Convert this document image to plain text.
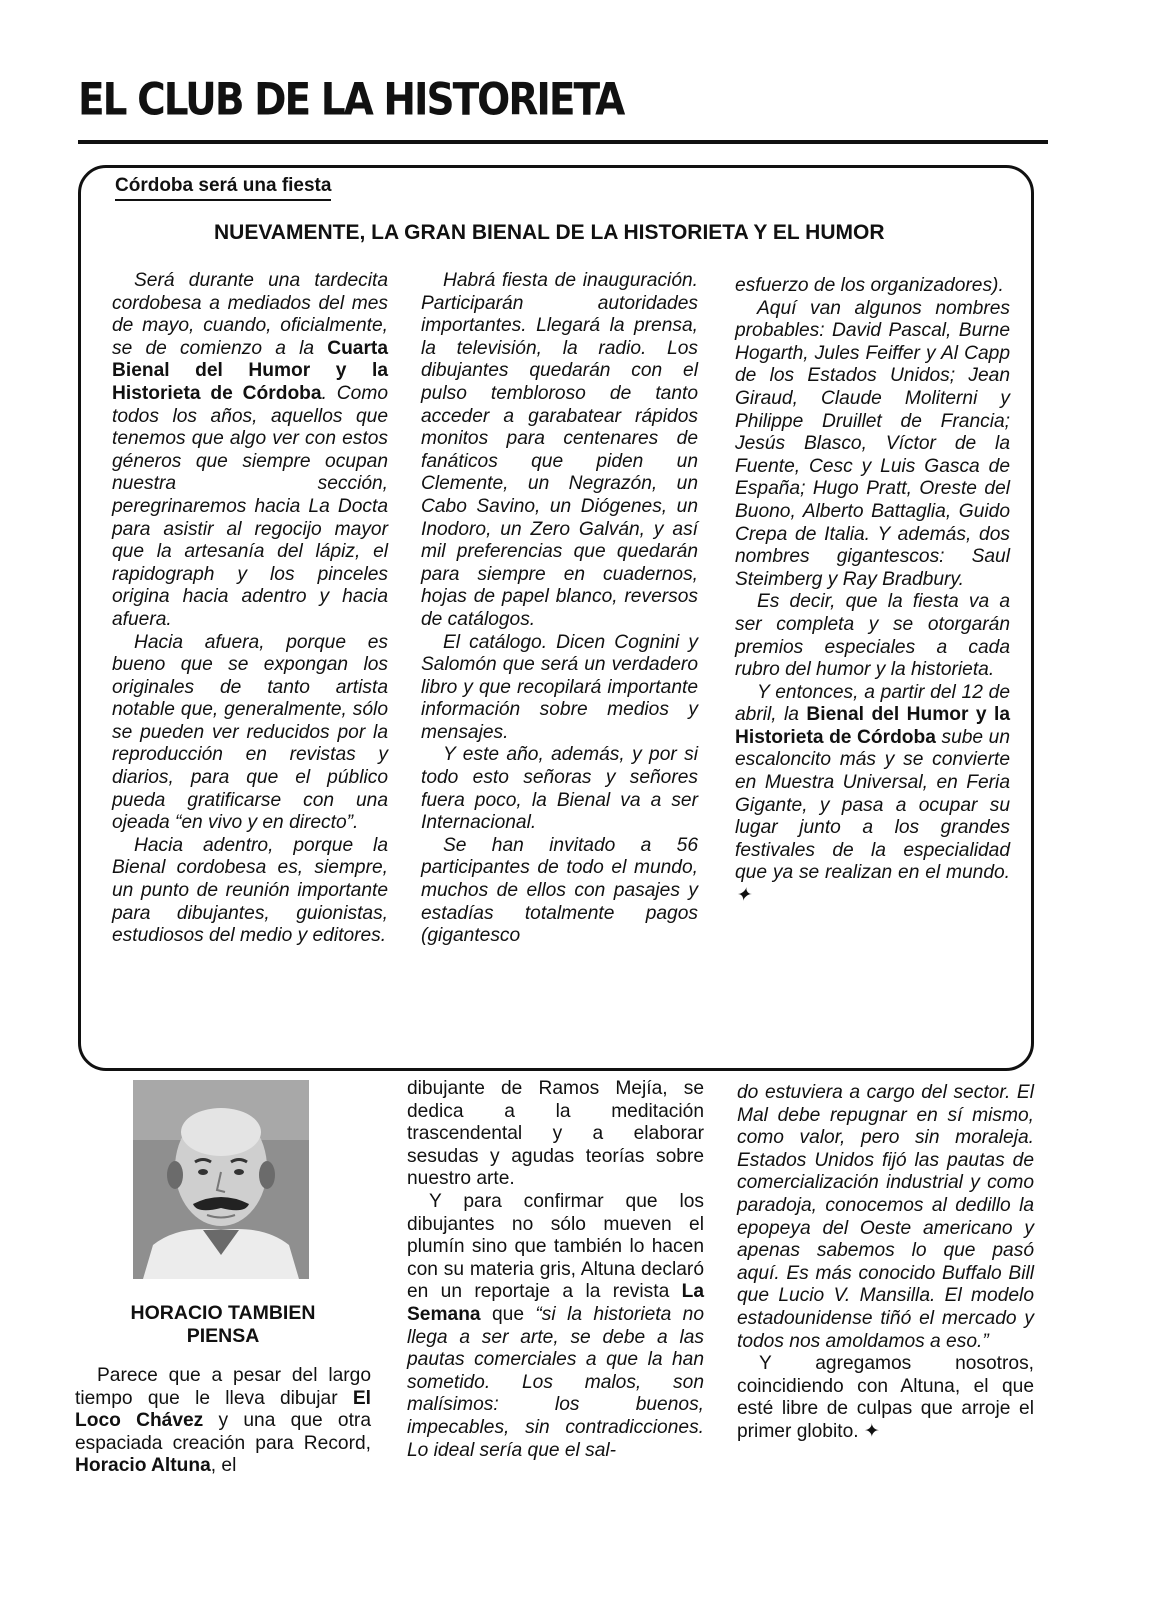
EL CLUB DE LA HISTORIETA
Córdoba será una fiesta
NUEVAMENTE, LA GRAN BIENAL DE LA HISTORIETA Y EL HUMOR

Será durante una tardecita cordobesa a mediados del mes de mayo, cuando, oficialmente, se de comienzo a la Cuarta Bienal del Humor y la Historieta de Córdoba. Como todos los años, aquellos que tenemos que algo ver con estos géneros que siempre ocupan nuestra sección, peregrinaremos hacia La Docta para asistir al regocijo mayor que la artesanía del lápiz, el rapidograph y los pinceles origina hacia adentro y hacia afuera.

Hacia afuera, porque es bueno que se expongan los originales de tanto artista notable que, generalmente, sólo se pueden ver reducidos por la reproducción en revistas y diarios, para que el público pueda gratificarse con una ojeada “en vivo y en directo”.

Hacia adentro, porque la Bienal cordobesa es, siempre, un punto de reunión importante para dibujantes, guionistas, estudiosos del medio y editores.

Habrá fiesta de inauguración. Participarán autoridades importantes. Llegará la prensa, la televisión, la radio. Los dibujantes quedarán con el pulso tembloroso de tanto acceder a garabatear rápidos monitos para centenares de fanáticos que piden un Clemente, un Negrazón, un Cabo Savino, un Diógenes, un Inodoro, un Zero Galván, y así mil preferencias que quedarán para siempre en cuadernos, hojas de papel blanco, reversos de catálogos.

El catálogo. Dicen Cognini y Salomón que será un verdadero libro y que recopilará importante información sobre medios y mensajes.

Y este año, además, y por si todo esto señoras y señores fuera poco, la Bienal va a ser Internacional.

Se han invitado a 56 participantes de todo el mundo, muchos de ellos con pasajes y estadías totalmente pagos (gigantesco

esfuerzo de los organizadores).

Aquí van algunos nombres probables: David Pascal, Burne Hogarth, Jules Feiffer y Al Capp de los Estados Unidos; Jean Giraud, Claude Moliterni y Philippe Druillet de Francia; Jesús Blasco, Víctor de la Fuente, Cesc y Luis Gasca de España; Hugo Pratt, Oreste del Buono, Alberto Battaglia, Guido Crepa de Italia. Y además, dos nombres gigantescos: Saul Steimberg y Ray Bradbury.

Es decir, que la fiesta va a ser completa y se otorgarán premios especiales a cada rubro del humor y la historieta.

Y entonces, a partir del 12 de abril, la Bienal del Humor y la Historieta de Córdoba sube un escaloncito más y se convierte en Muestra Universal, en Feria Gigante, y pasa a ocupar su lugar junto a los grandes festivales de la especialidad que ya se realizan en el mundo. ✦

HORACIO TAMBIEN PIENSA

Parece que a pesar del largo tiempo que le lleva dibujar El Loco Chávez y una que otra espaciada creación para Record, Horacio Altuna, el

dibujante de Ramos Mejía, se dedica a la meditación trascendental y a elaborar sesudas y agudas teorías sobre nuestro arte.

Y para confirmar que los dibujantes no sólo mueven el plumín sino que también lo hacen con su materia gris, Altuna declaró en un reportaje a la revista La Semana que “si la historieta no llega a ser arte, se debe a las pautas comerciales a que la han sometido. Los malos, son malísimos: los buenos, impecables, sin contradicciones. Lo ideal sería que el sal-

do estuviera a cargo del sector. El Mal debe repugnar en sí mismo, como valor, pero sin moraleja. Estados Unidos fijó las pautas de comercialización industrial y como paradoja, conocemos al dedillo la epopeya del Oeste americano y apenas sabemos lo que pasó aquí. Es más conocido Buffalo Bill que Lucio V. Mansilla. El modelo estadounidense tiñó el mercado y todos nos amoldamos a eso.”

Y agregamos nosotros, coincidiendo con Altuna, el que esté libre de culpas que arroje el primer globito. ✦
